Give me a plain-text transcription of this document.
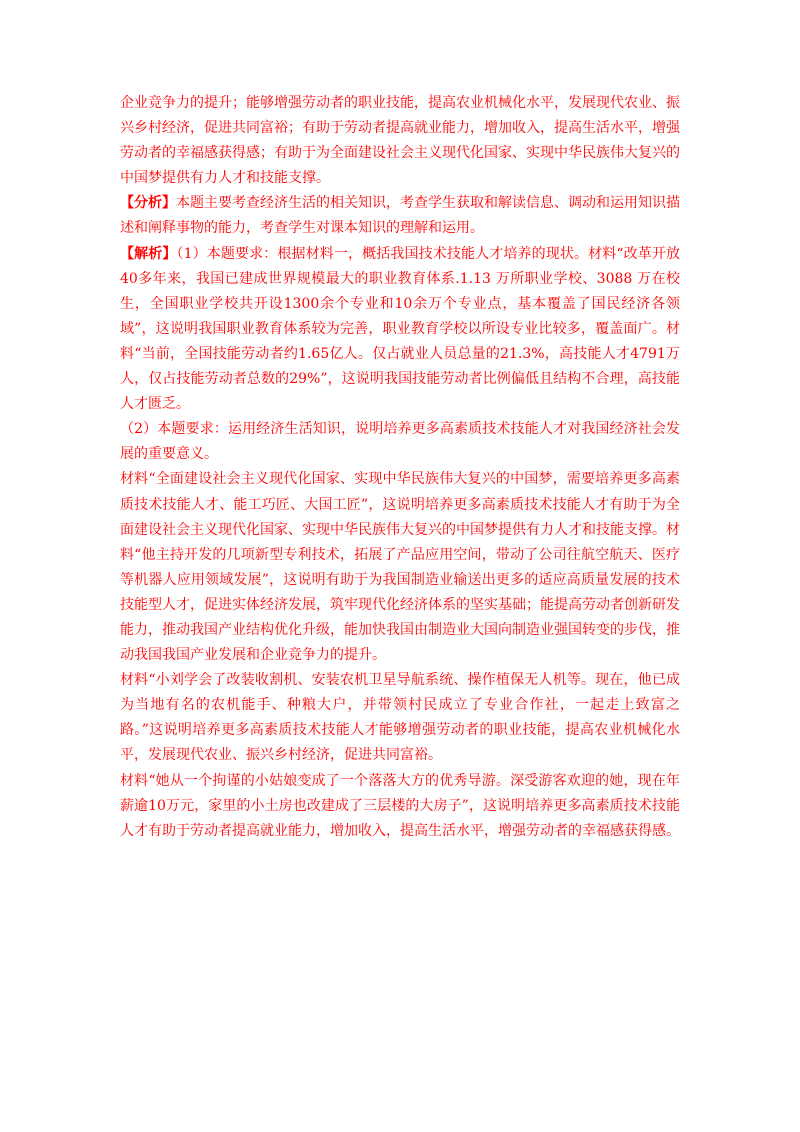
企业竞争力的提升；能够增强劳动者的职业技能，提高农业机械化水平，发展现代农业、振兴乡村经济，促进共同富裕；有助于劳动者提高就业能力，增加收入，提高生活水平，增强劳动者的幸福感获得感；有助于为全面建设社会主义现代化国家、实现中华民族伟大复兴的中国梦提供有力人才和技能支撑。

【分析】本题主要考查经济生活的相关知识，考查学生获取和解读信息、调动和运用知识描述和阐释事物的能力，考查学生对课本知识的理解和运用。

【解析】（1）本题要求：根据材料一，概括我国技术技能人才培养的现状。材料“改革开放40多年来，我国已建成世界规模最大的职业教育体系.1.13 万所职业学校、3088 万在校生，全国职业学校共开设1300余个专业和10余万个专业点，基本覆盖了国民经济各领域”，这说明我国职业教育体系较为完善，职业教育学校以所设专业比较多，覆盖面广。材料“当前，全国技能劳动者约1.65亿人。仅占就业人员总量的21.3%，高技能人才4791万人，仅占技能劳动者总数的29%”，这说明我国技能劳动者比例偏低且结构不合理，高技能人才匮乏。

（2）本题要求：运用经济生活知识，说明培养更多高素质技术技能人才对我国经济社会发展的重要意义。

材料“全面建设社会主义现代化国家、实现中华民族伟大复兴的中国梦，需要培养更多高素质技术技能人才、能工巧匠、大国工匠”，这说明培养更多高素质技术技能人才有助于为全面建设社会主义现代化国家、实现中华民族伟大复兴的中国梦提供有力人才和技能支撑。材料“他主持开发的几项新型专利技术，拓展了产品应用空间，带动了公司往航空航天、医疗等机器人应用领域发展”，这说明有助于为我国制造业输送出更多的适应高质量发展的技术技能型人才，促进实体经济发展，筑牢现代化经济体系的坚实基础；能提高劳动者创新研发能力，推动我国产业结构优化升级，能加快我国由制造业大国向制造业强国转变的步伐，推动我国我国产业发展和企业竞争力的提升。

材料“小刘学会了改装收割机、安装农机卫星导航系统、操作植保无人机等。现在，他已成为当地有名的农机能手、种粮大户，并带领村民成立了专业合作社，一起走上致富之路。”这说明培养更多高素质技术技能人才能够增强劳动者的职业技能，提高农业机械化水平，发展现代农业、振兴乡村经济，促进共同富裕。

材料“她从一个拘谨的小姑娘变成了一个落落大方的优秀导游。深受游客欢迎的她，现在年薪逾10万元，家里的小土房也改建成了三层楼的大房子”，这说明培养更多高素质技术技能人才有助于劳动者提高就业能力，增加收入，提高生活水平，增强劳动者的幸福感获得感。
